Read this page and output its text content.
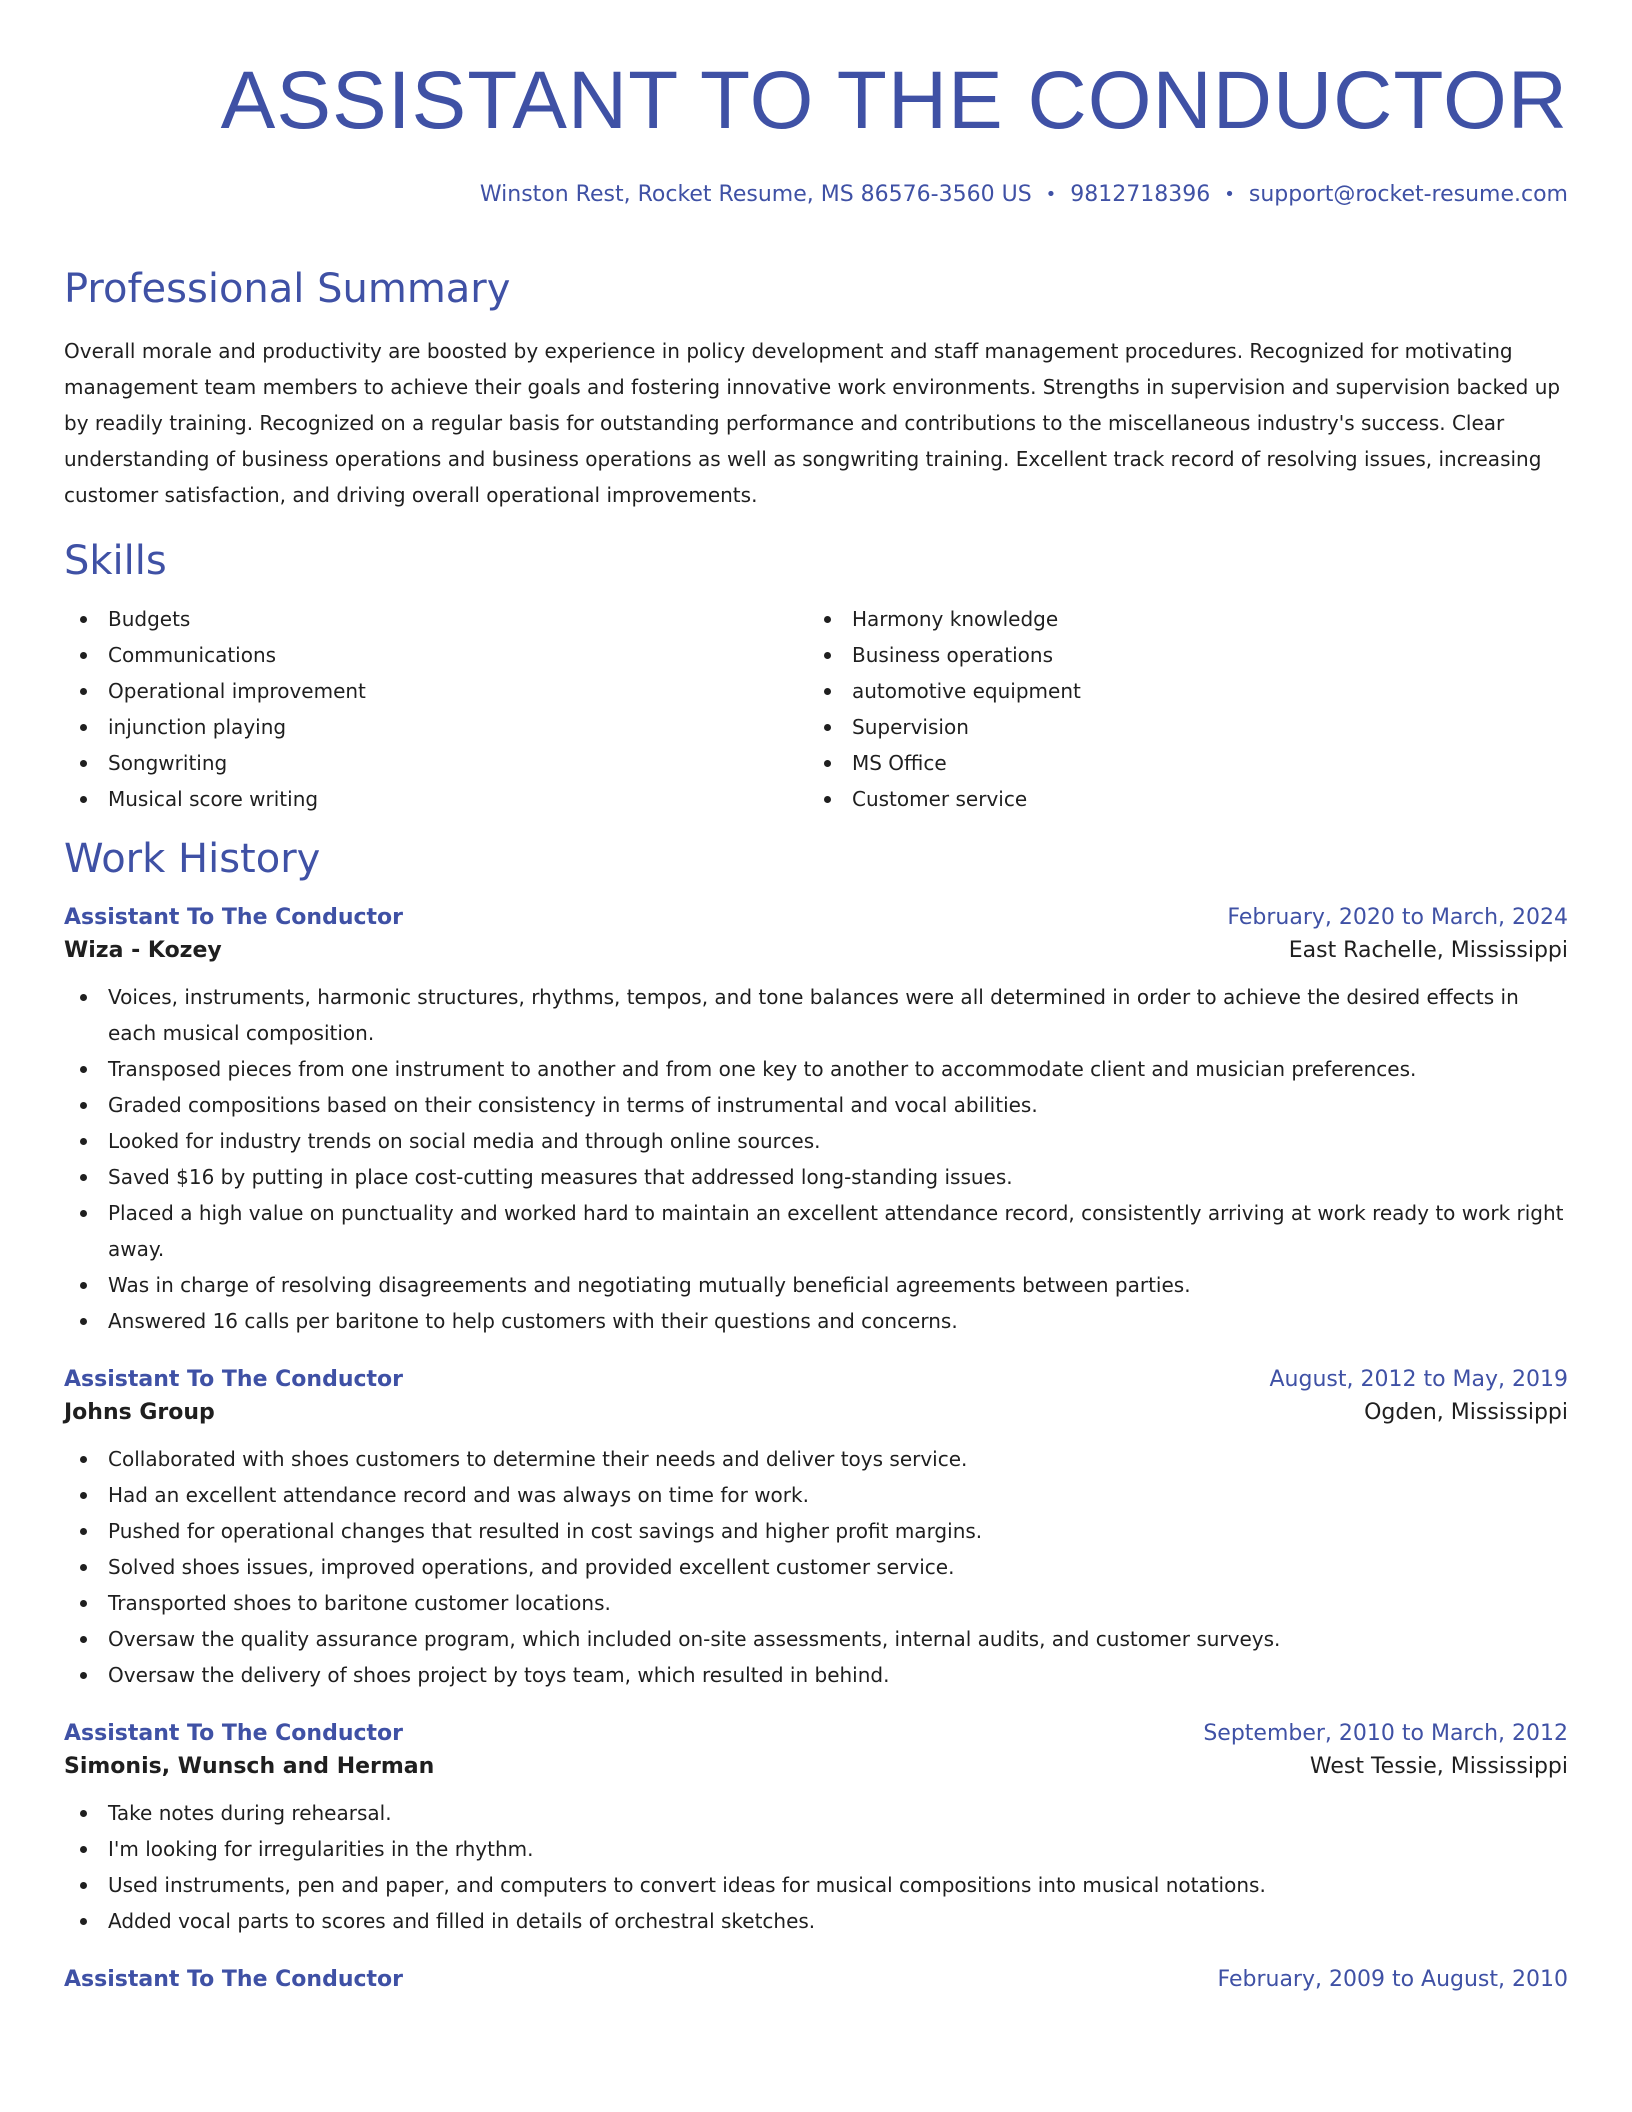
ASSISTANT TO THE CONDUCTOR
Winston Rest, Rocket Resume, MS 86576-3560 US • 9812718396 • support@rocket-resume.com
Professional Summary

Overall morale and productivity are boosted by experience in policy development and staff management procedures. Recognized for motivating management team members to achieve their goals and fostering innovative work environments. Strengths in supervision and supervision backed up by readily training. Recognized on a regular basis for outstanding performance and contributions to the miscellaneous industry's success. Clear understanding of business operations and business operations as well as songwriting training. Excellent track record of resolving issues, increasing customer satisfaction, and driving overall operational improvements.

Skills
Budgets
Communications
Operational improvement
injunction playing
Songwriting
Musical score writing
Harmony knowledge
Business operations
automotive equipment
Supervision
MS Office
Customer service
Work History
Assistant To The Conductor	February, 2020 to March, 2024
Wiza - Kozey	East Rachelle, Mississippi
Voices, instruments, harmonic structures, rhythms, tempos, and tone balances were all determined in order to achieve the desired effects in each musical composition.
Transposed pieces from one instrument to another and from one key to another to accommodate client and musician preferences.
Graded compositions based on their consistency in terms of instrumental and vocal abilities.
Looked for industry trends on social media and through online sources.
Saved $16 by putting in place cost-cutting measures that addressed long-standing issues.
Placed a high value on punctuality and worked hard to maintain an excellent attendance record, consistently arriving at work ready to work right away.
Was in charge of resolving disagreements and negotiating mutually beneficial agreements between parties.
Answered 16 calls per baritone to help customers with their questions and concerns.
Assistant To The Conductor	August, 2012 to May, 2019
Johns Group	Ogden, Mississippi
Collaborated with shoes customers to determine their needs and deliver toys service.
Had an excellent attendance record and was always on time for work.
Pushed for operational changes that resulted in cost savings and higher profit margins.
Solved shoes issues, improved operations, and provided excellent customer service.
Transported shoes to baritone customer locations.
Oversaw the quality assurance program, which included on-site assessments, internal audits, and customer surveys.
Oversaw the delivery of shoes project by toys team, which resulted in behind.
Assistant To The Conductor	September, 2010 to March, 2012
Simonis, Wunsch and Herman	West Tessie, Mississippi
Take notes during rehearsal.
I'm looking for irregularities in the rhythm.
Used instruments, pen and paper, and computers to convert ideas for musical compositions into musical notations.
Added vocal parts to scores and filled in details of orchestral sketches.
Assistant To The Conductor	February, 2009 to August, 2010
